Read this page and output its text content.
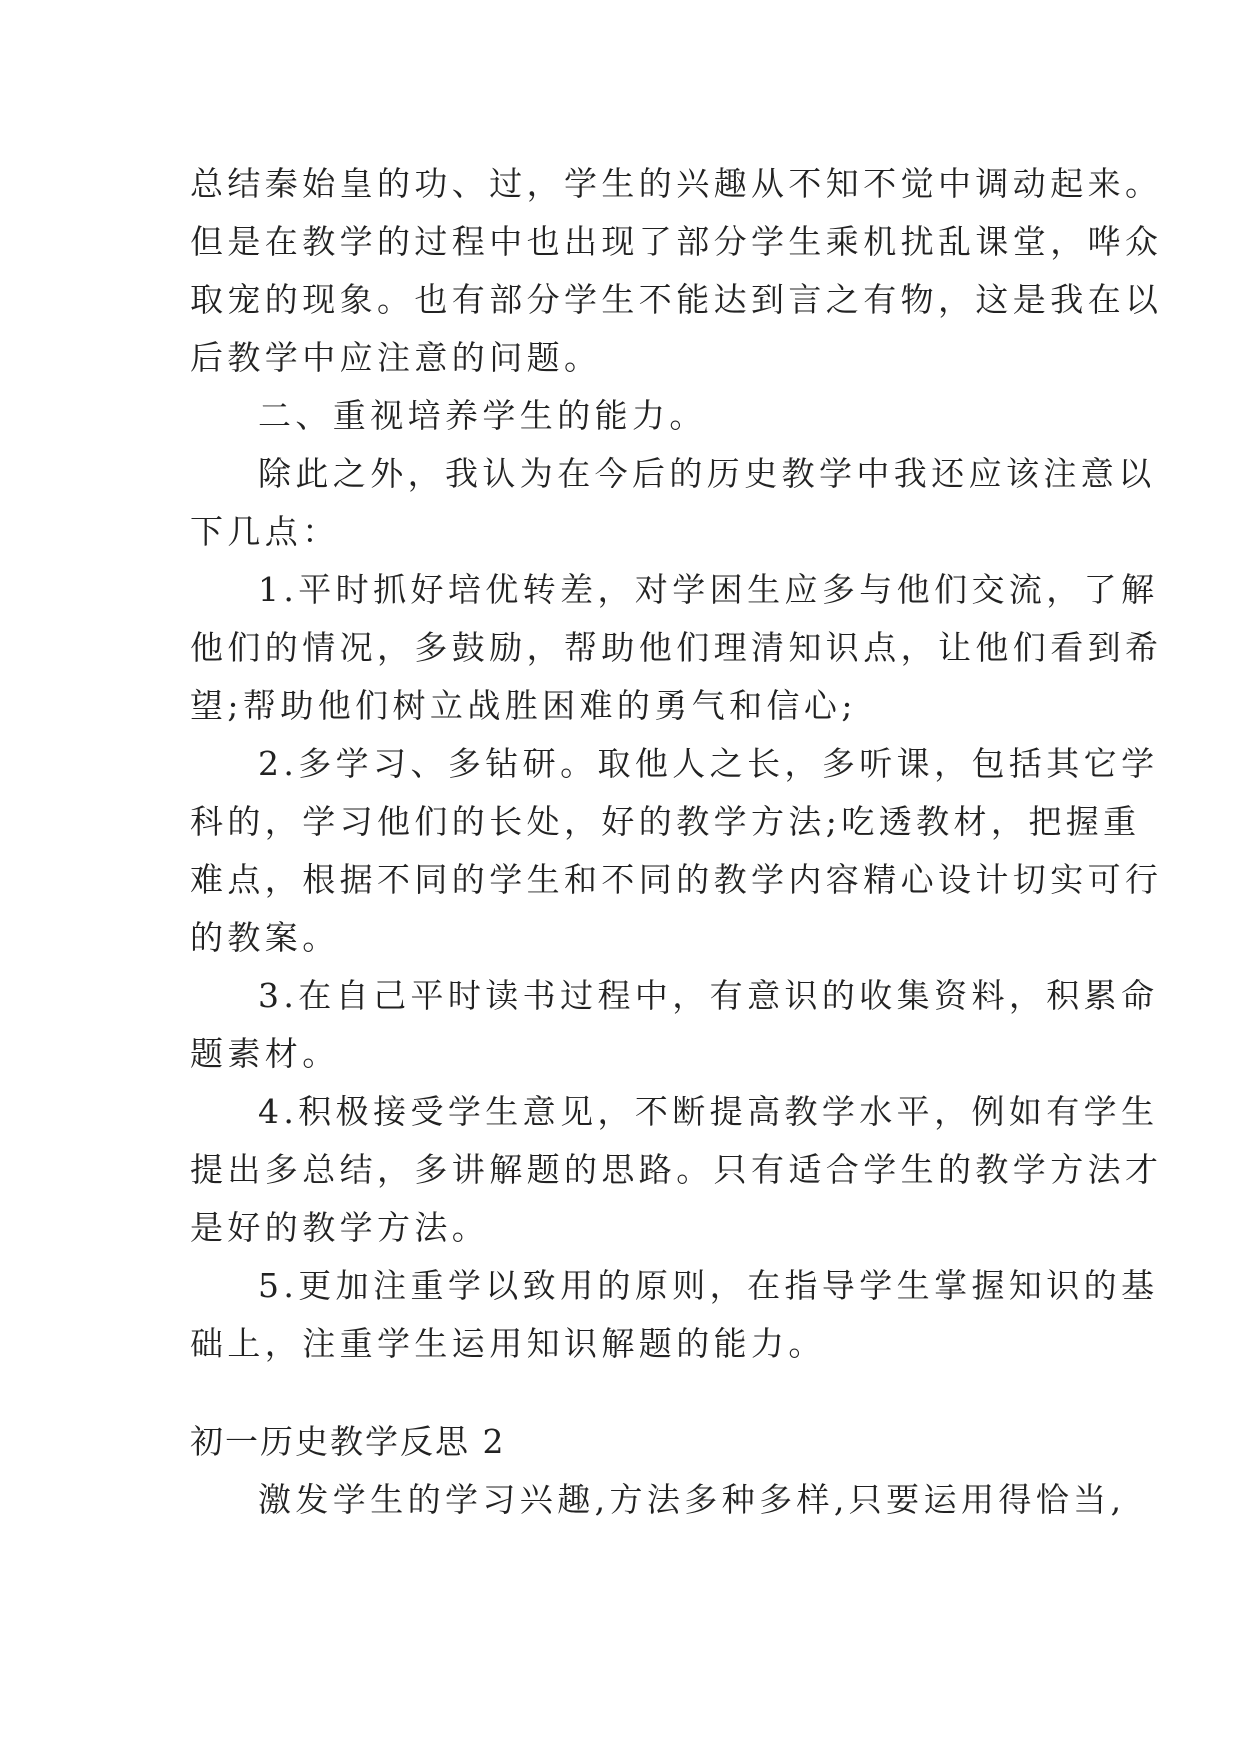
总结秦始皇的功、过，学生的兴趣从不知不觉中调动起来。
但是在教学的过程中也出现了部分学生乘机扰乱课堂，哗众
取宠的现象。也有部分学生不能达到言之有物，这是我在以
后教学中应注意的问题。
二、重视培养学生的能力。
除此之外，我认为在今后的历史教学中我还应该注意以
下几点：
1.平时抓好培优转差，对学困生应多与他们交流，了解
他们的情况，多鼓励，帮助他们理清知识点，让他们看到希
望;帮助他们树立战胜困难的勇气和信心;
2.多学习、多钻研。取他人之长，多听课，包括其它学
科的，学习他们的长处，好的教学方法;吃透教材，把握重
难点，根据不同的学生和不同的教学内容精心设计切实可行
的教案。
3.在自己平时读书过程中，有意识的收集资料，积累命
题素材。
4.积极接受学生意见，不断提高教学水平，例如有学生
提出多总结，多讲解题的思路。只有适合学生的教学方法才
是好的教学方法。
5.更加注重学以致用的原则，在指导学生掌握知识的基
础上，注重学生运用知识解题的能力。
初一历史教学反思 2
激发学生的学习兴趣,方法多种多样,只要运用得恰当,
